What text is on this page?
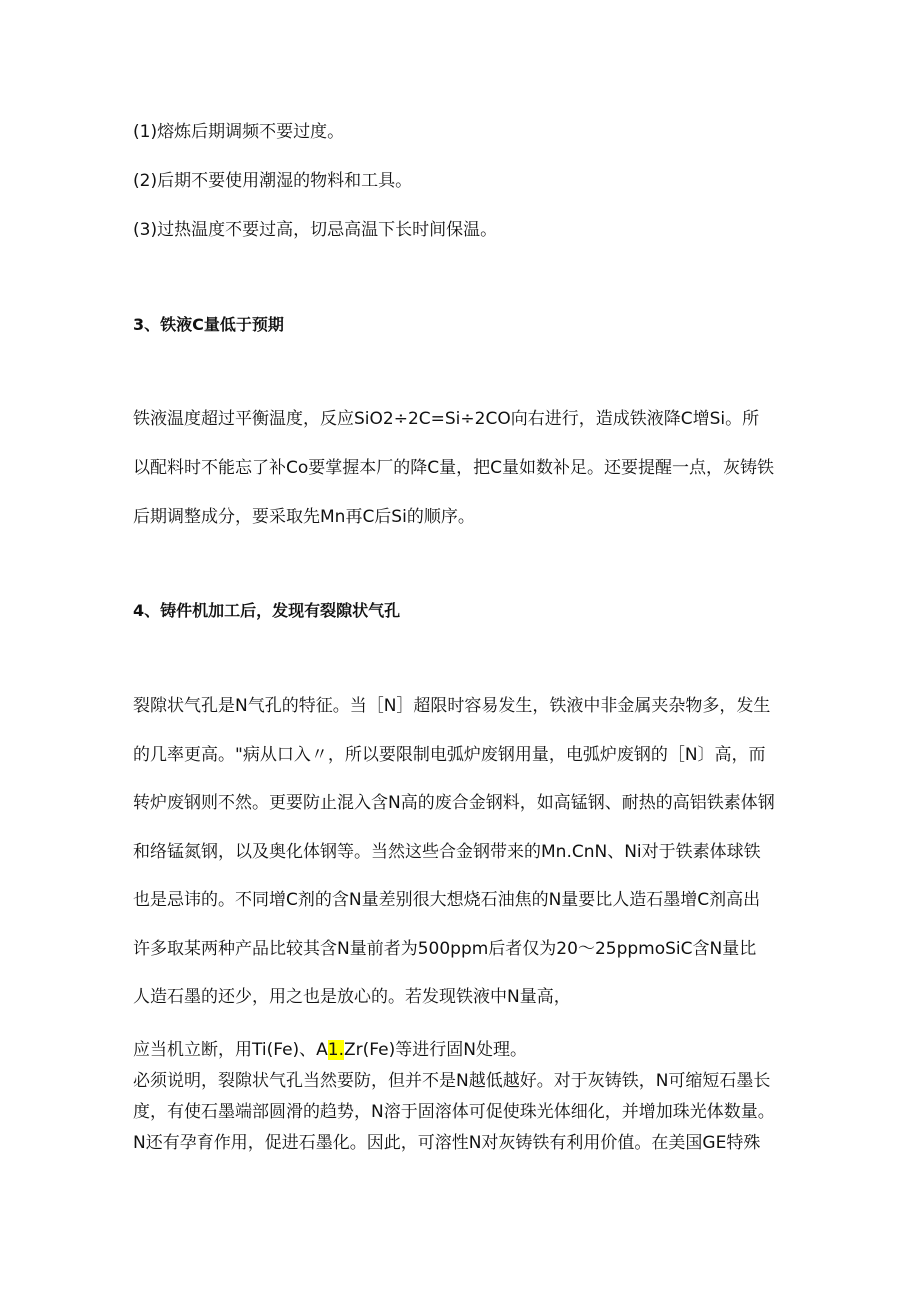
(1)熔炼后期调频不要过度。
(2)后期不要使用潮湿的物料和工具。
(3)过热温度不要过高，切忌高温下长时间保温。
3、铁液C量低于预期
铁液温度超过平衡温度，反应SiO2÷2C=Si÷2CO向右进行，造成铁液降C增Si。所
以配料时不能忘了补Co要掌握本厂的降C量，把C量如数补足。还要提醒一点，灰铸铁
后期调整成分，要采取先Mn再C后Si的顺序。
4、铸件机加工后，发现有裂隙状气孔
裂隙状气孔是N气孔的特征。当［N］超限时容易发生，铁液中非金属夹杂物多，发生
的几率更高。"病从口入〃，所以要限制电弧炉废钢用量，电弧炉废钢的［N〕高，而
转炉废钢则不然。更要防止混入含N高的废合金钢料，如高锰钢、耐热的高铝铁素体钢
和络锰氮钢，以及奥化体钢等。当然这些合金钢带来的Mn.CnN、Ni对于铁素体球铁
也是忌讳的。不同增C剂的含N量差别很大想烧石油焦的N量要比人造石墨增C剂高出
许多取某两种产品比较其含N量前者为500ppm后者仅为20～25ppmoSiC含N量比
人造石墨的还少，用之也是放心的。若发现铁液中N量高，
应当机立断，用Ti(Fe)、A1.Zr(Fe)等进行固N处理。
必须说明，裂隙状气孔当然要防，但并不是N越低越好。对于灰铸铁，N可缩短石墨长
度，有使石墨端部圆滑的趋势，N溶于固溶体可促使珠光体细化，并增加珠光体数量。
N还有孕育作用，促进石墨化。因此，可溶性N对灰铸铁有利用价值。在美国GE特殊
